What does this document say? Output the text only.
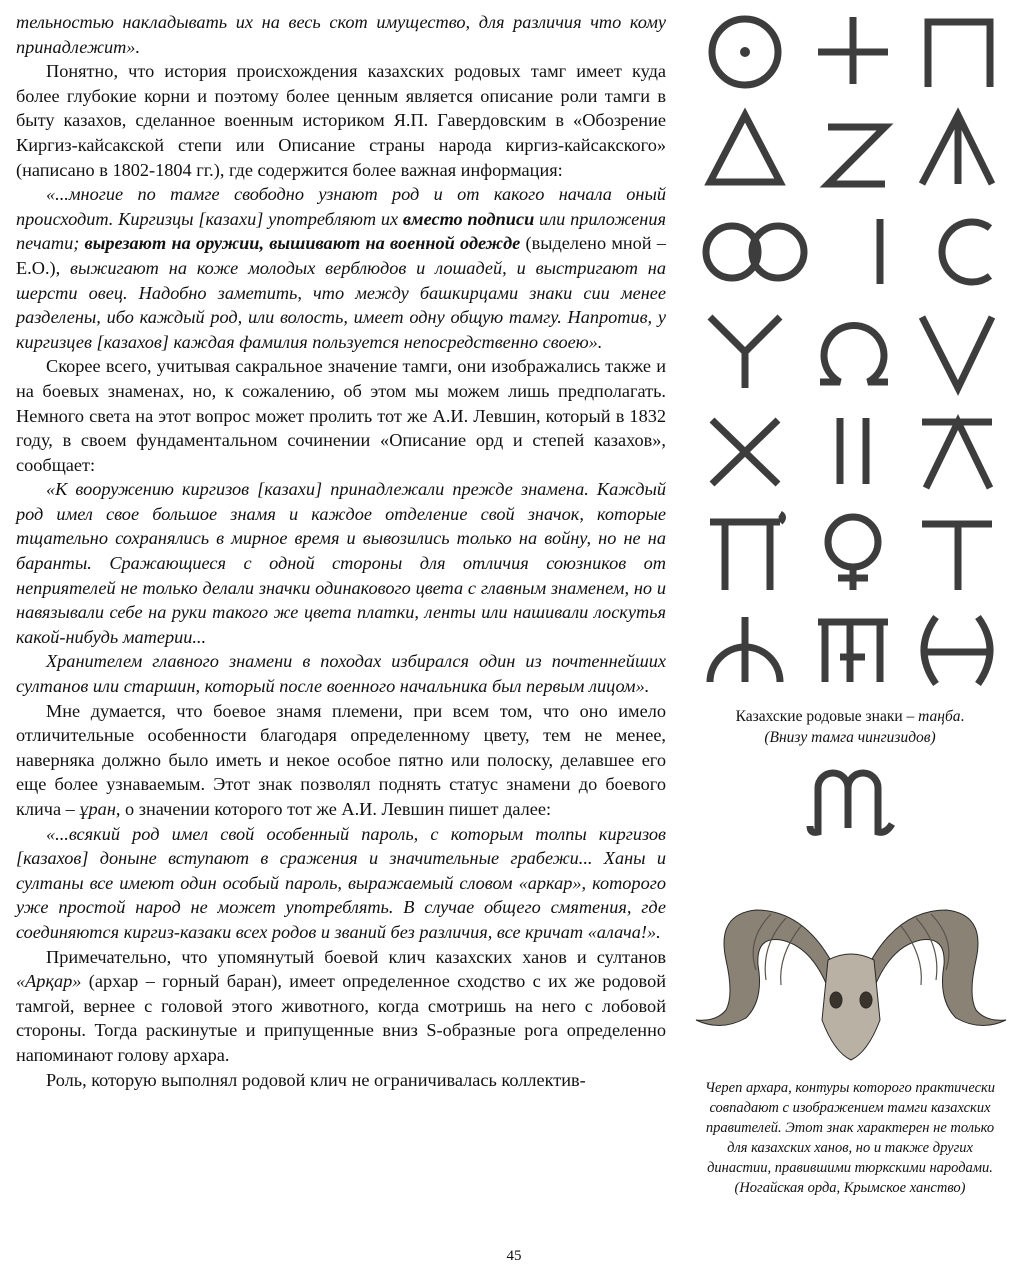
тельностью накладывать их на весь скот имущество, для различия что кому принадлежит».

Понятно, что история происхождения казахских родовых тамг имеет куда более глубокие корни и поэтому более ценным является описание роли тамги в быту казахов, сделанное военным историком Я.П. Гавердовским в «Обозрение Киргиз-кайсакской степи или Описание страны народа киргиз-кайсакского» (написано в 1802-1804 гг.), где содержится более важная информация:

«...многие по тамге свободно узнают род и от какого начала оный происходит. Киргизцы [казахи] употребляют их вместо подписи или приложения печати; вырезают на оружии, вышивают на военной одежде (выделено мной – Е.О.), выжигают на коже молодых верблюдов и лошадей, и выстригают на шерсти овец. Надобно заметить, что между башкирцами знаки сии менее разделены, ибо каждый род, или волость, имеет одну общую тамгу. Напротив, у киргизцев [казахов] каждая фамилия пользуется непосредственно своею».

Скорее всего, учитывая сакральное значение тамги, они изображались также и на боевых знаменах, но, к сожалению, об этом мы можем лишь предполагать. Немного света на этот вопрос может пролить тот же А.И. Левшин, который в 1832 году, в своем фундаментальном сочинении «Описание орд и степей казахов», сообщает:

«К вооружению киргизов [казахи] принадлежали прежде знамена. Каждый род имел свое большое знамя и каждое отделение свой значок, которые тщательно сохранялись в мирное время и вывозились только на войну, но не на баранты. Сражающиеся с одной стороны для отличия союзников от неприятелей не только делали значки одинакового цвета с главным знаменем, но и навязывали себе на руки такого же цвета платки, ленты или нашивали лоскутья какой-нибудь материи...

Хранителем главного знамени в походах избирался один из почтеннейших султанов или старшин, который после военного начальника был первым лицом».

Мне думается, что боевое знамя племени, при всем том, что оно имело отличительные особенности благодаря определенному цвету, тем не менее, наверняка должно было иметь и некое особое пятно или полоску, делавшее его еще более узнаваемым. Этот знак позволял поднять статус знамени до боевого клича – ұран, о значении которого тот же А.И. Левшин пишет далее:

«...всякий род имел свой особенный пароль, с которым толпы киргизов [казахов] доныне вступают в сражения и значительные грабежи... Ханы и султаны все имеют один особый пароль, выражаемый словом «аркар», которого уже простой народ не может употреблять. В случае общего смятения, где соединяются киргиз-казаки всех родов и званий без различия, все кричат «алача!».

Примечательно, что упомянутый боевой клич казахских ханов и султанов «Арқар» (архар – горный баран), имеет определенное сходство с их же родовой тамгой, вернее с головой этого животного, когда смотришь на него с лобовой стороны. Тогда раскинутые и припущенные вниз S-образные рога определенно напоминают голову архара.

Роль, которую выполнял родовой клич не ограничивалась коллектив-

Казахские родовые знаки – таңба.
(Внизу тамга чингизидов)
Череп архара, контуры которого практически совпадают с изображением тамги казахских правителей. Этот знак характерен не только для казахских ханов, но и также других династии, правившими тюркскими народами. (Ногайская орда, Крымское ханство)
45
